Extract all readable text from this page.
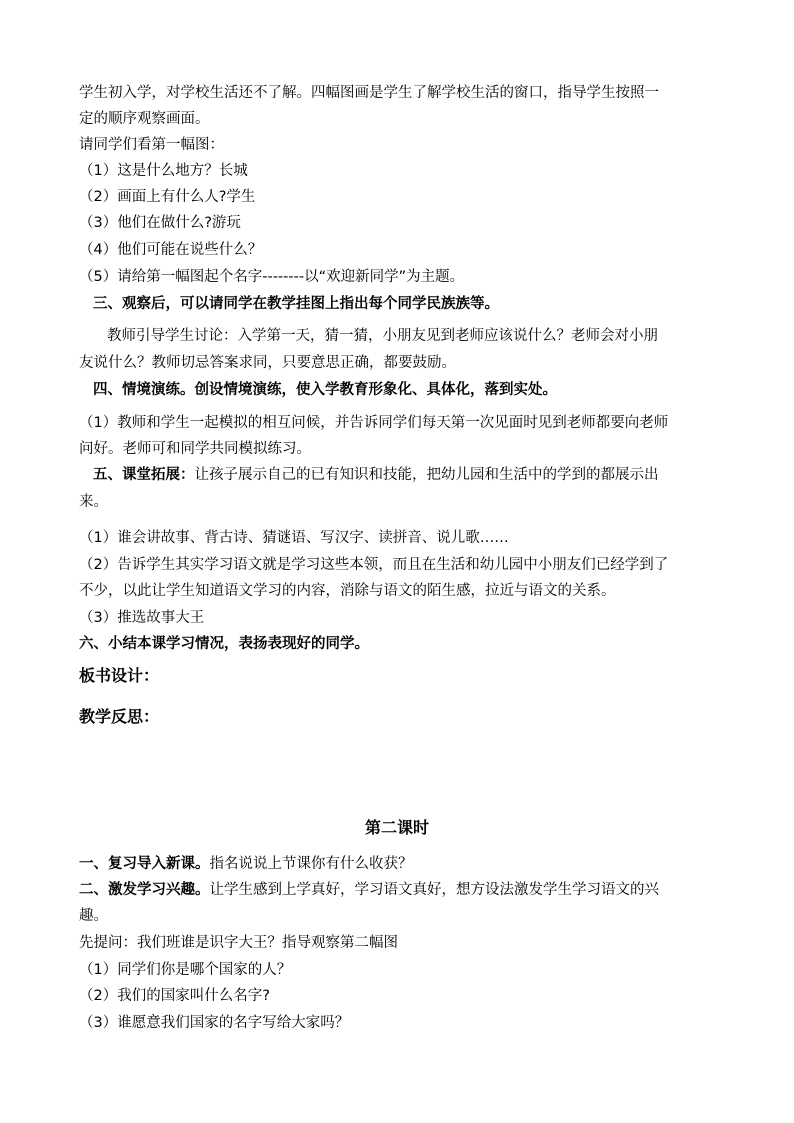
学生初入学，对学校生活还不了解。四幅图画是学生了解学校生活的窗口，指导学生按照一
定的顺序观察画面。
请同学们看第一幅图：
（1）这是什么地方？长城
（2）画面上有什么人?学生
（3）他们在做什么?游玩
（4）他们可能在说些什么？
（5）请给第一幅图起个名字--------以“欢迎新同学”为主题。
三、观察后，可以请同学在教学挂图上指出每个同学民族族等。
教师引导学生讨论：入学第一天，猜一猜，小朋友见到老师应该说什么？老师会对小朋
友说什么？教师切忌答案求同，只要意思正确，都要鼓励。
四、情境演练。创设情境演练，使入学教育形象化、具体化，落到实处。
（1）教师和学生一起模拟的相互问候，并告诉同学们每天第一次见面时见到老师都要向老师
问好。老师可和同学共同模拟练习。
五、课堂拓展：让孩子展示自己的已有知识和技能，把幼儿园和生活中的学到的都展示出
来。
（1）谁会讲故事、背古诗、猜谜语、写汉字、读拼音、说儿歌……
（2）告诉学生其实学习语文就是学习这些本领，而且在生活和幼儿园中小朋友们已经学到了
不少，以此让学生知道语文学习的内容，消除与语文的陌生感，拉近与语文的关系。
（3）推选故事大王
六、小结本课学习情况，表扬表现好的同学。
板书设计：
教学反思：
第二课时
一、复习导入新课。指名说说上节课你有什么收获？
二、激发学习兴趣。让学生感到上学真好，学习语文真好，想方设法激发学生学习语文的兴
趣。
先提问：我们班谁是识字大王？指导观察第二幅图
（1）同学们你是哪个国家的人？
（2）我们的国家叫什么名字?
（3）谁愿意我们国家的名字写给大家吗？
